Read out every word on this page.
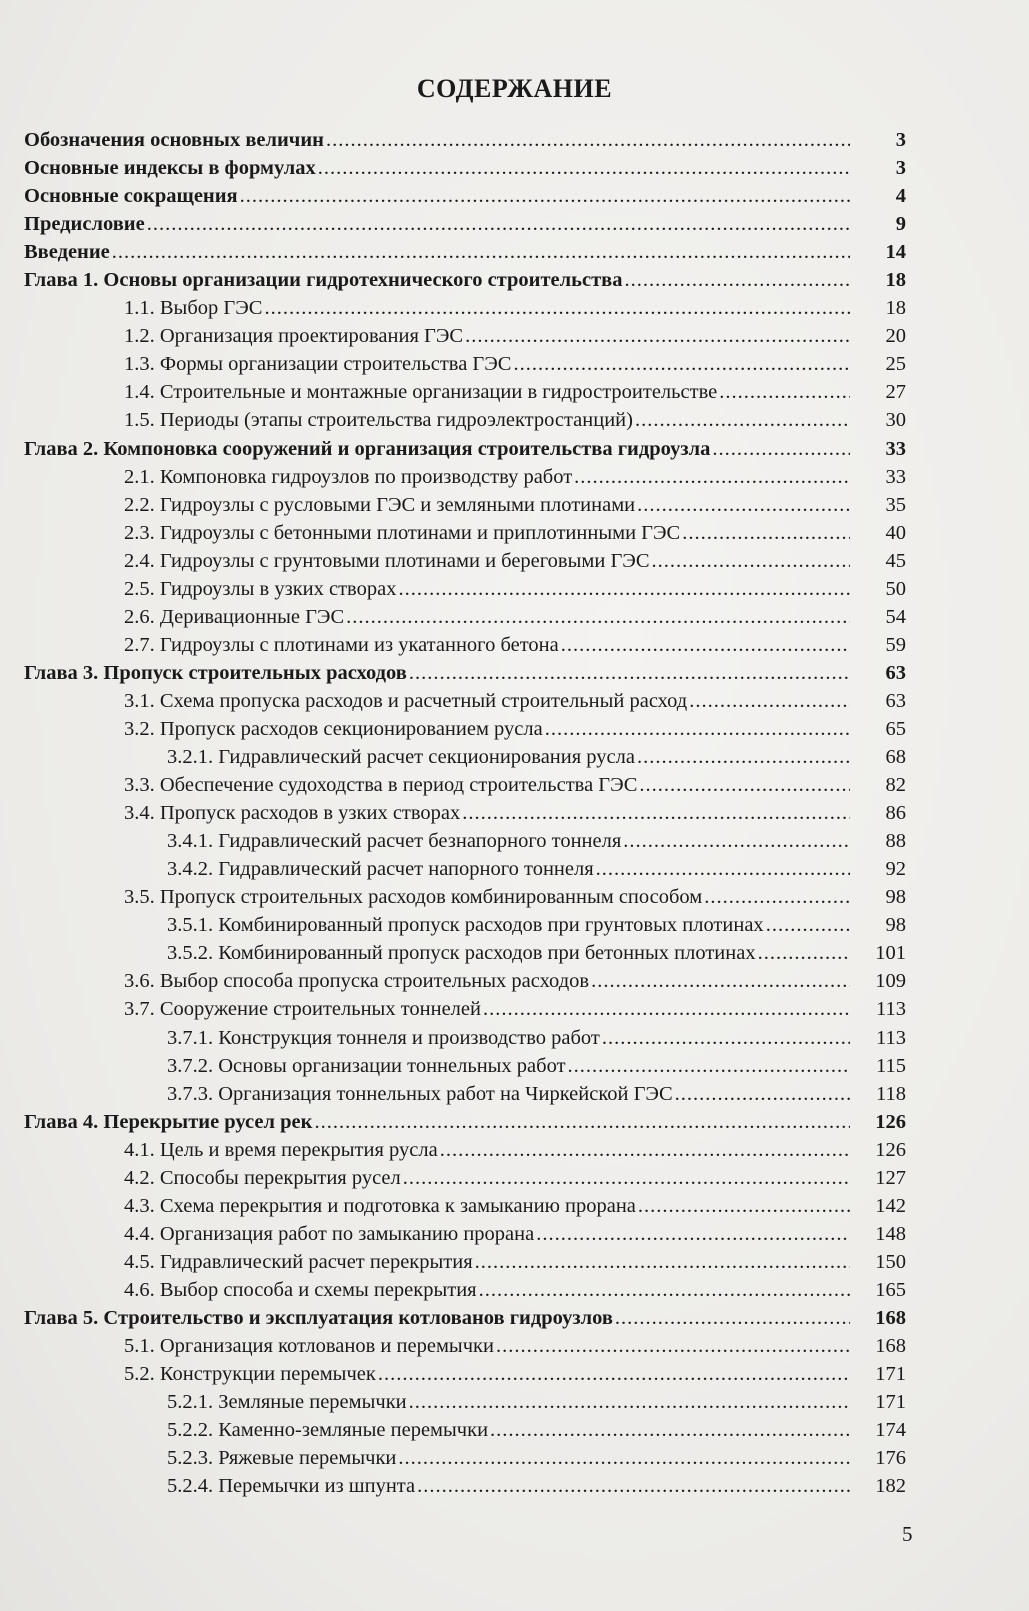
СОДЕРЖАНИЕ
Обозначения основных величин .....	3
Основные индексы в формулах .....	3
Основные сокращения .....	4
Предисловие .....	9
Введение .....	14
Глава 1. Основы организации гидротехнического строительства .....	18
1.1. Выбор ГЭС .....	18
1.2. Организация проектирования ГЭС .....	20
1.3. Формы организации строительства ГЭС .....	25
1.4. Строительные и монтажные организации в гидростроительстве .....	27
1.5. Периоды (этапы строительства гидроэлектростанций) .....	30
Глава 2. Компоновка сооружений и организация строительства гидроузла .....	33
2.1. Компоновка гидроузлов по производству работ .....	33
2.2. Гидроузлы с русловыми ГЭС и земляными плотинами .....	35
2.3. Гидроузлы с бетонными плотинами и приплотинными ГЭС .....	40
2.4. Гидроузлы с грунтовыми плотинами и береговыми ГЭС .....	45
2.5. Гидроузлы в узких створах .....	50
2.6. Деривационные ГЭС .....	54
2.7. Гидроузлы с плотинами из укатанного бетона .....	59
Глава 3. Пропуск строительных расходов .....	63
3.1. Схема пропуска расходов и расчетный строительный расход .....	63
3.2. Пропуск расходов секционированием русла .....	65
3.2.1. Гидравлический расчет секционирования русла .....	68
3.3. Обеспечение судоходства в период строительства ГЭС .....	82
3.4. Пропуск расходов в узких створах .....	86
3.4.1. Гидравлический расчет безнапорного тоннеля .....	88
3.4.2. Гидравлический расчет напорного тоннеля .....	92
3.5. Пропуск строительных расходов комбинированным способом .....	98
3.5.1. Комбинированный пропуск расходов при грунтовых плотинах .....	98
3.5.2. Комбинированный пропуск расходов при бетонных плотинах .....	101
3.6. Выбор способа пропуска строительных расходов .....	109
3.7. Сооружение строительных тоннелей .....	113
3.7.1. Конструкция тоннеля и производство работ .....	113
3.7.2. Основы организации тоннельных работ .....	115
3.7.3. Организация тоннельных работ на Чиркейской ГЭС .....	118
Глава 4. Перекрытие русел рек .....	126
4.1. Цель и время перекрытия русла .....	126
4.2. Способы перекрытия русел .....	127
4.3. Схема перекрытия и подготовка к замыканию прорана .....	142
4.4. Организация работ по замыканию прорана .....	148
4.5. Гидравлический расчет перекрытия .....	150
4.6. Выбор способа и схемы перекрытия .....	165
Глава 5. Строительство и эксплуатация котлованов гидроузлов .....	168
5.1. Организация котлованов и перемычки .....	168
5.2. Конструкции перемычек .....	171
5.2.1. Земляные перемычки .....	171
5.2.2. Каменно-земляные перемычки .....	174
5.2.3. Ряжевые перемычки .....	176
5.2.4. Перемычки из шпунта .....	182
5
